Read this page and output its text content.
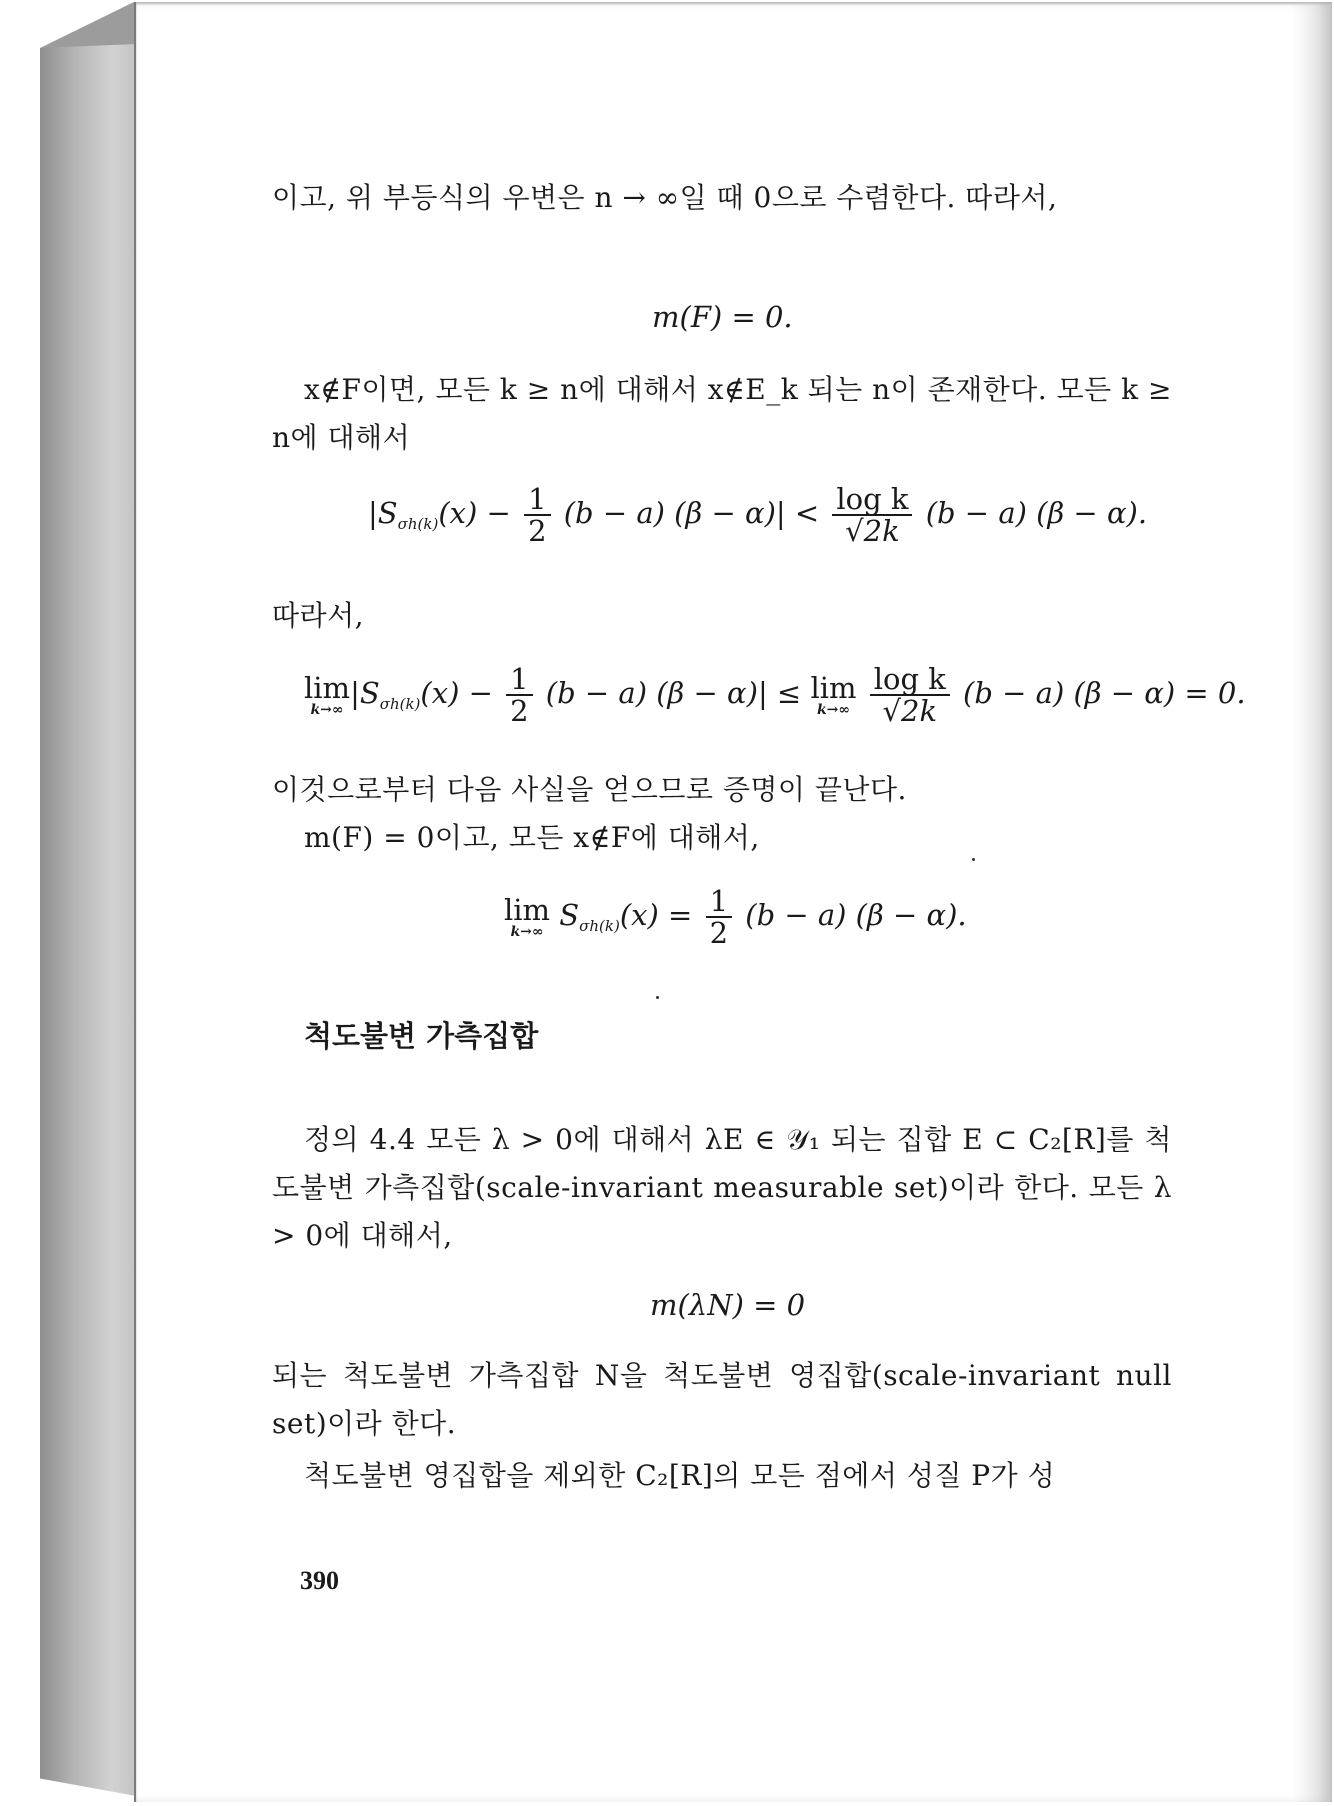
이고, 위 부등식의 우변은 n → ∞일 때 0으로 수렴한다. 따라서,

m(F) = 0.

x∉F이면, 모든 k ≥ n에 대해서 x∉E_k 되는 n이 존재한다. 모든 k ≥ n에 대해서

$|S_{\sigma h(k)}(x) - \frac{1}{2} (b - a) (\beta - \alpha)| < \frac{\text{log k}}{√2k} (b - a) (\beta - \alpha)$.

따라서,

lim
k→∞ $|S_{\sigma h(k)}(x) - \frac{1}{2} (b - a) (\beta - \alpha)| \le \lim$
k→∞
$\frac{\text{log k}}{√2k} (b - a) (\beta - \alpha) = 0$.

이것으로부터 다음 사실을 얻으므로 증명이 끝난다.

m(F) = 0이고, 모든 x∉F에 대해서,

lim
k→∞ $S_{\sigma h(k)}(x) = \frac{1}{2} (b - a) (\beta - \alpha)$.
척도불변 가측집합

정의 4.4 모든 λ > 0에 대해서 λE ∈ 𝒴₁ 되는 집합 E ⊂ C₂[R]를 척도불변 가측집합(scale-invariant measurable set)이라 한다. 모든 λ > 0에 대해서,

m(λN) = 0

되는 척도불변 가측집합 N을 척도불변 영집합(scale-invariant null set)이라 한다.

척도불변 영집합을 제외한 C₂[R]의 모든 점에서 성질 P가 성

390
